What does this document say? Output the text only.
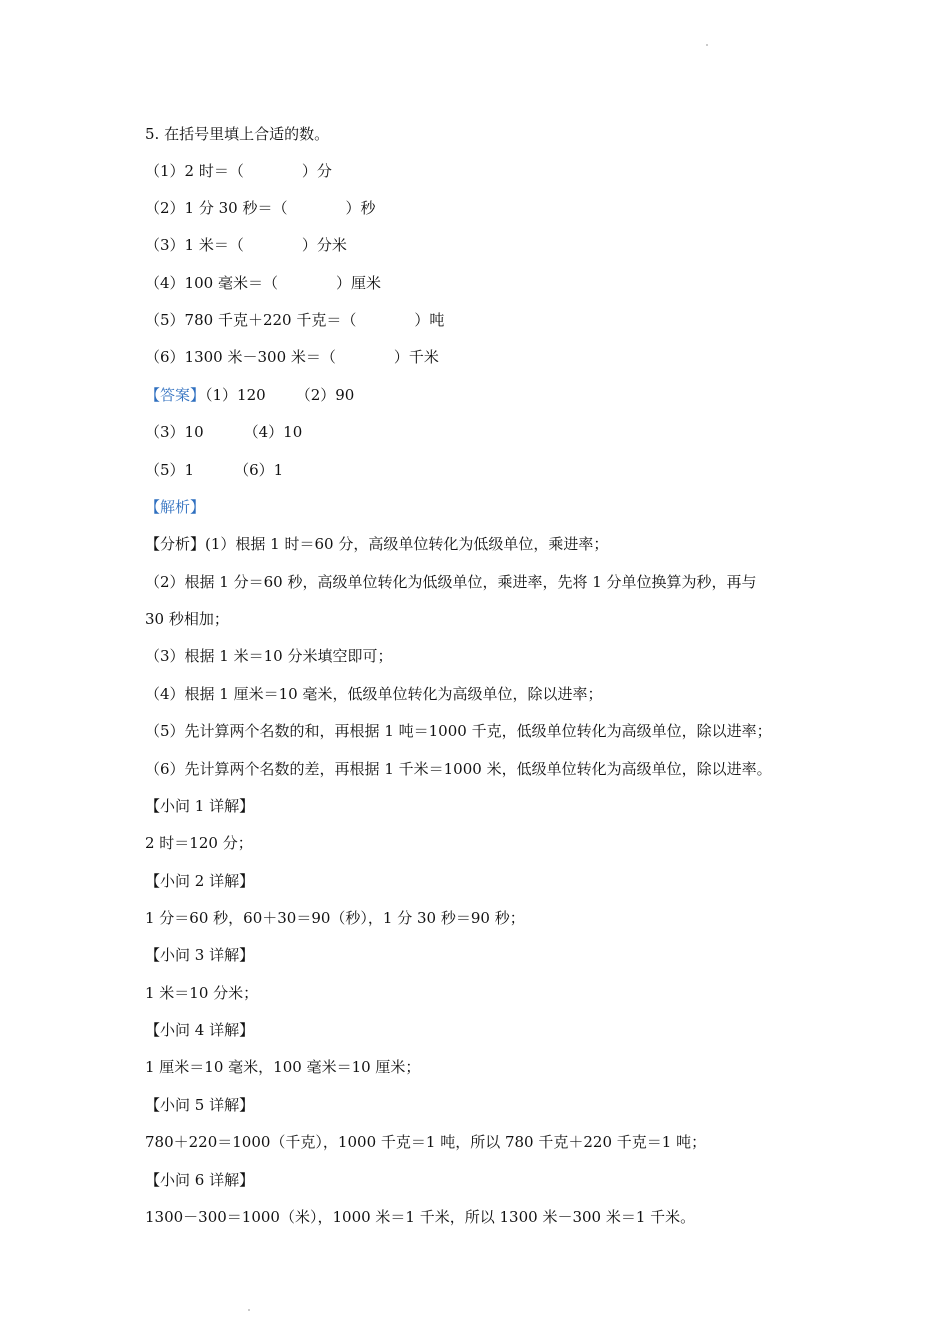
5. 在括号里填上合适的数。
（1）2 时＝（	）分
（2）1 分 30 秒＝（	）秒
（3）1 米＝（	）分米
（4）100 毫米＝（	）厘米
（5）780 千克＋220 千克＝（	）吨
（6）1300 米－300 米＝（	）千米
【答案】（1）120 （2）90
（3）10	（4）10
（5）1	（6）1
【解析】
【分析】(1）根据 1 时＝60 分，高级单位转化为低级单位，乘进率；
（2）根据 1 分＝60 秒，高级单位转化为低级单位，乘进率，先将 1 分单位换算为秒，再与
30 秒相加；
（3）根据 1 米＝10 分米填空即可；
（4）根据 1 厘米＝10 毫米，低级单位转化为高级单位，除以进率；
（5）先计算两个名数的和，再根据 1 吨＝1000 千克，低级单位转化为高级单位，除以进率；
（6）先计算两个名数的差，再根据 1 千米＝1000 米，低级单位转化为高级单位，除以进率。
【小问 1 详解】
2 时＝120 分；
【小问 2 详解】
1 分＝60 秒，60＋30＝90（秒），1 分 30 秒＝90 秒；
【小问 3 详解】
1 米＝10 分米；
【小问 4 详解】
1 厘米＝10 毫米，100 毫米＝10 厘米；
【小问 5 详解】
780＋220＝1000（千克），1000 千克＝1 吨，所以 780 千克＋220 千克＝1 吨；
【小问 6 详解】
1300－300＝1000（米），1000 米＝1 千米，所以 1300 米－300 米＝1 千米。
